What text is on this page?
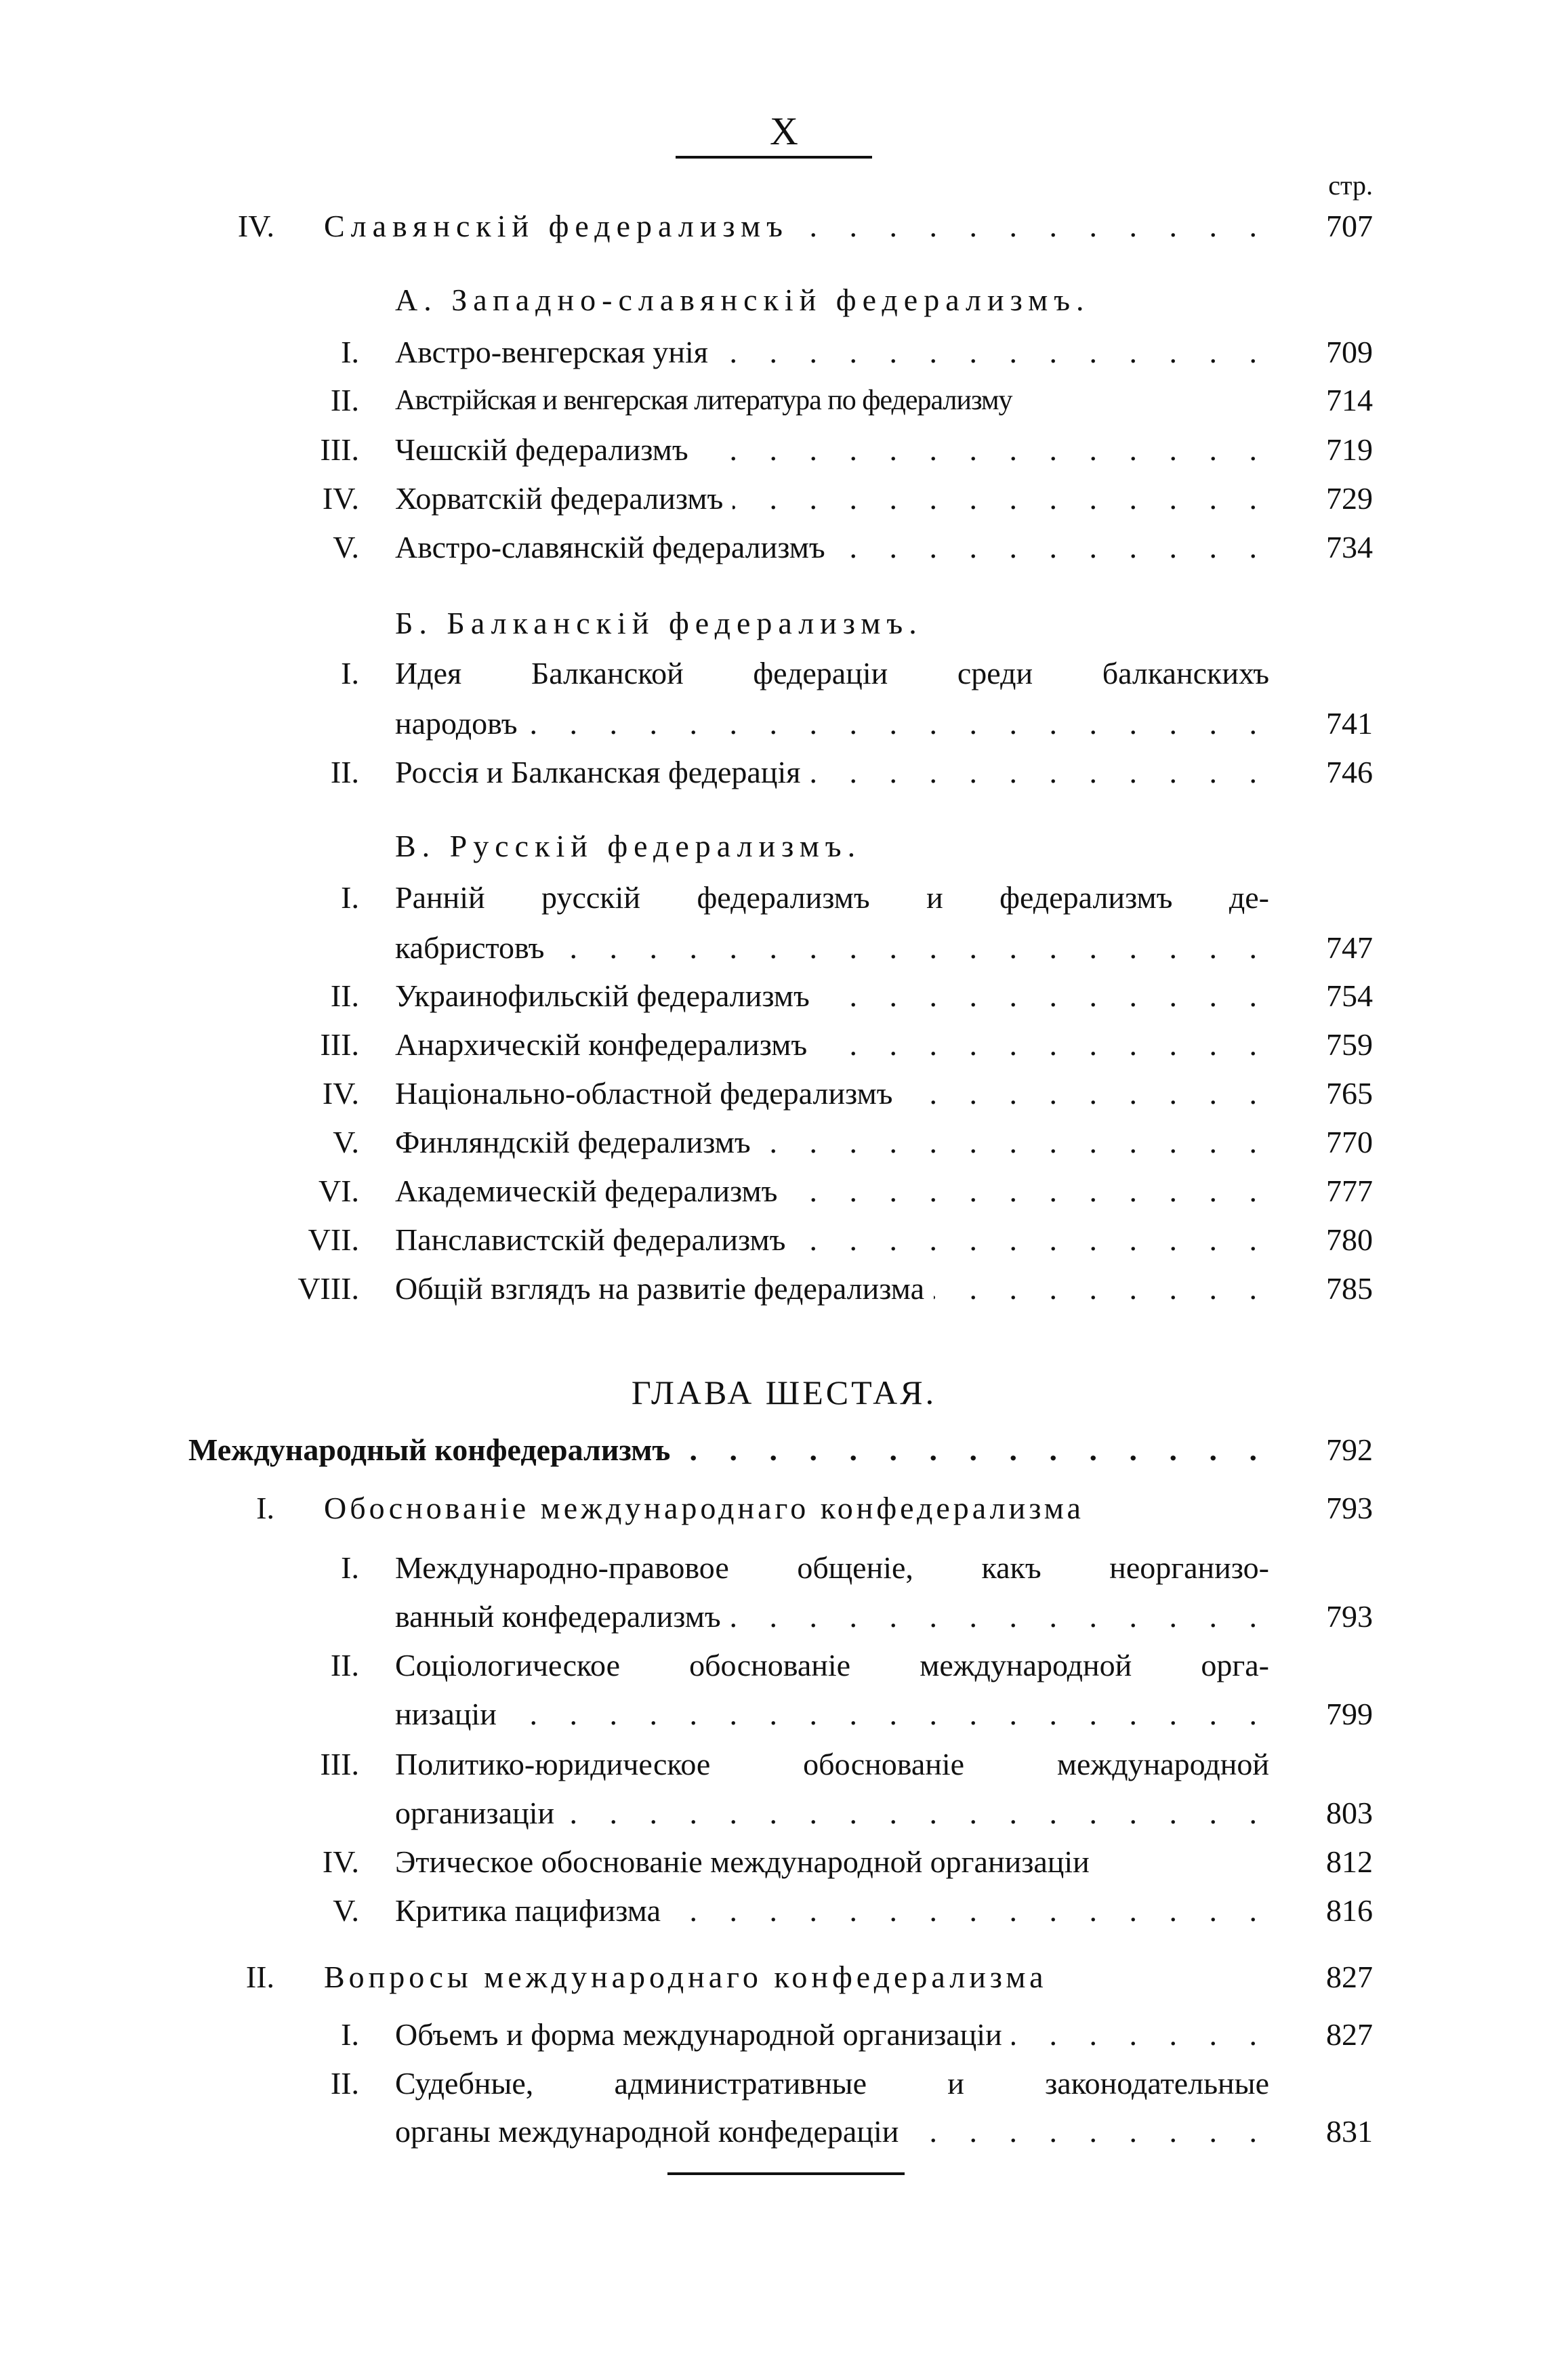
X
стр.
IV. Славянскій федерализмъ . . .	707
А. Западно-славянскій федерализмъ.
I. Австро-венгерская унія . . .	709
II. Австрійская и венгерская литература по федерализму	714
III. Чешскій федерализмъ . . .	719
IV. Хорватскій федерализмъ . . .	729
V. Австро-славянскій федерализмъ . . .	734
Б. Балканскій федерализмъ.
I. Идея Балканской федераціи среди балканскихъ
народовъ . . .	741
II. Россія и Балканская федерація . . .	746
В. Русскій федерализмъ.
I. Ранній русскій федерализмъ и федерализмъ де-
кабристовъ . . .	747
II. Украинофильскій федерализмъ . . .	754
III. Анархическій конфедерализмъ . . .	759
IV. Національно-областной федерализмъ . . .	765
V. Финляндскій федерализмъ . . .	770
VI. Академическій федерализмъ . . .	777
VII. Панславистскій федерализмъ . . .	780
VIII. Общій взглядъ на развитіе федерализма . . .	785
ГЛАВА ШЕСТАЯ.
Международный конфедерализмъ . . .	792
I. Обоснованіе международнаго конфедерализма	793
I. Международно-правовое общеніе, какъ неорганизо-
ванный конфедерализмъ . . .	793
II. Соціологическое обоснованіе международной орга-
низаціи . . .	799
III. Политико-юридическое обоснованіе международной
организаціи . . .	803
IV. Этическое обоснованіе международной организаціи	812
V. Критика пацифизма . . .	816
II. Вопросы международнаго конфедерализма	827
I. Объемъ и форма международной организаціи . . .	827
II. Судебные, административные и законодательные
органы международной конфедераціи . . .	831
